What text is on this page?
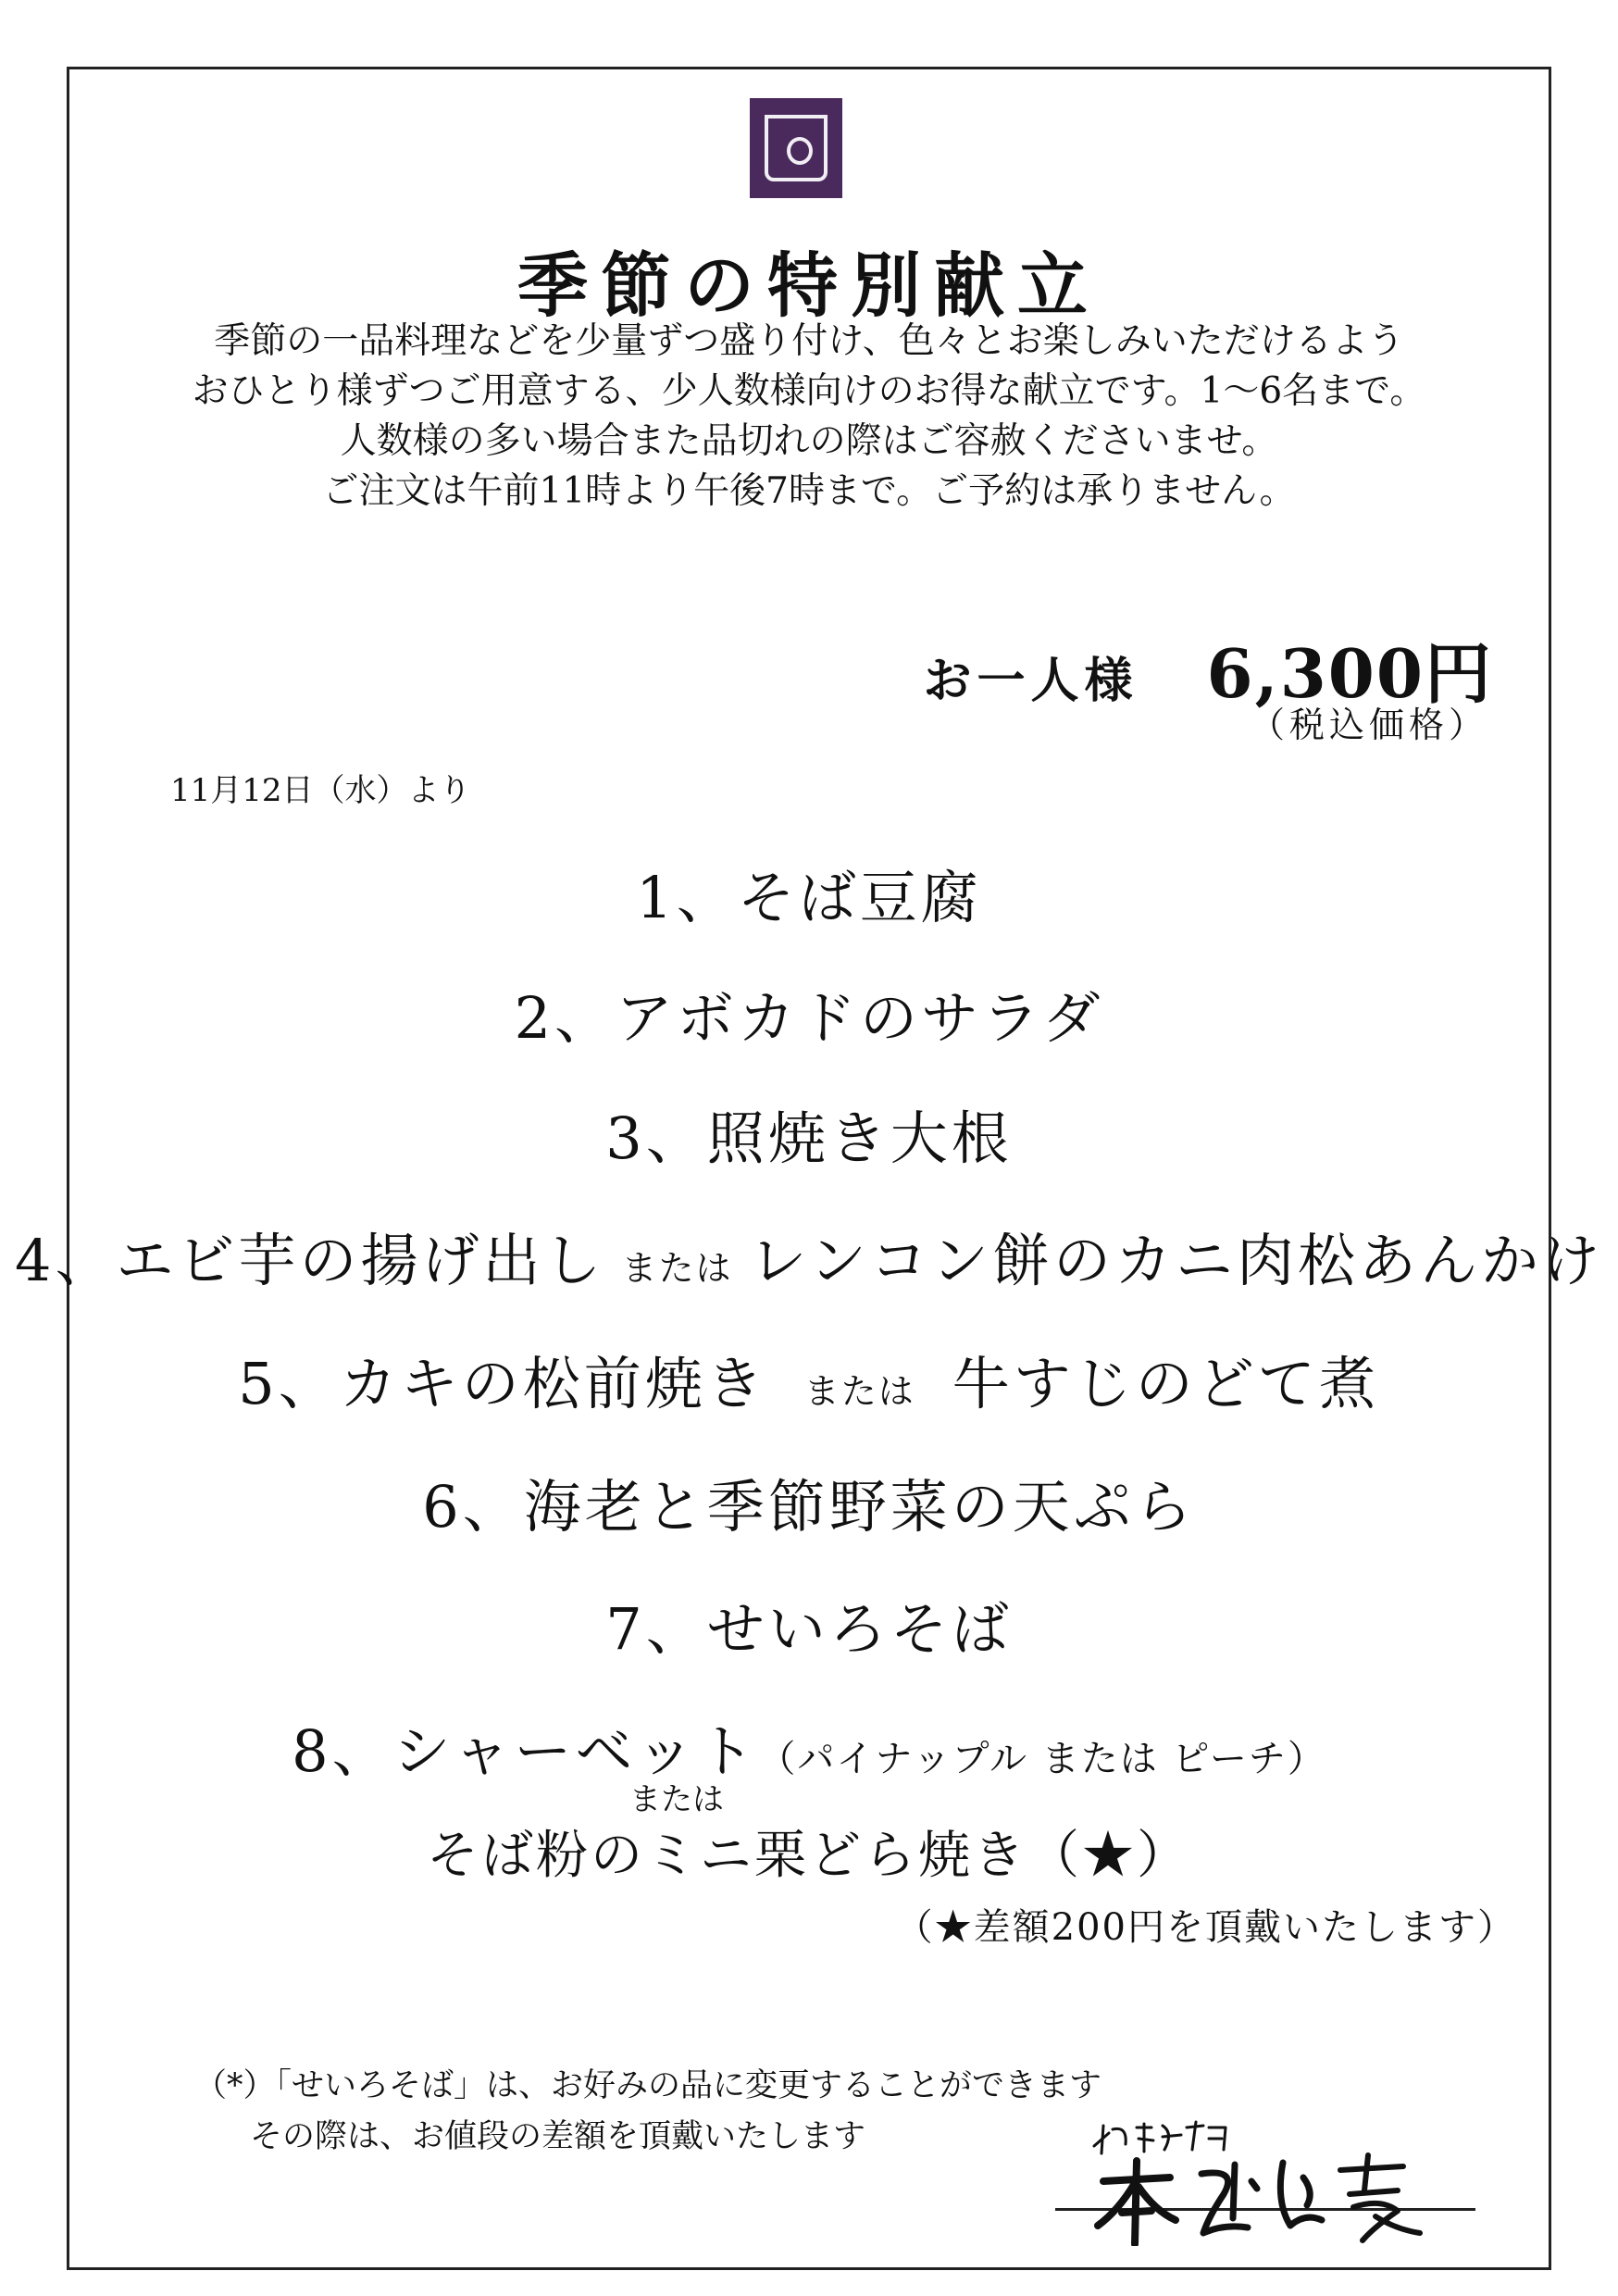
季節の特別献立
季節の一品料理などを少量ずつ盛り付け、色々とお楽しみいただけるよう
おひとり様ずつご用意する、少人数様向けのお得な献立です。1〜6名まで。
人数様の多い場合また品切れの際はご容赦くださいませ。
ご注文は午前11時より午後7時まで。ご予約は承りません。
お一人様 6,300円
（税込価格）
11月12日（水）より
1、そば豆腐
2、アボカドのサラダ
3、照焼き大根
4、エビ芋の揚げ出し または レンコン餅のカニ肉松あんかけ
5、カキの松前焼き または 牛すじのどて煮
6、海老と季節野菜の天ぷら
7、せいろそば
8、シャーベット（パイナップル または ピーチ）
または
そば粉のミニ栗どら焼き（★）
（★差額200円を頂戴いたします）
（*）「せいろそば」は、お好みの品に変更することができます
その際は、お値段の差額を頂戴いたします
